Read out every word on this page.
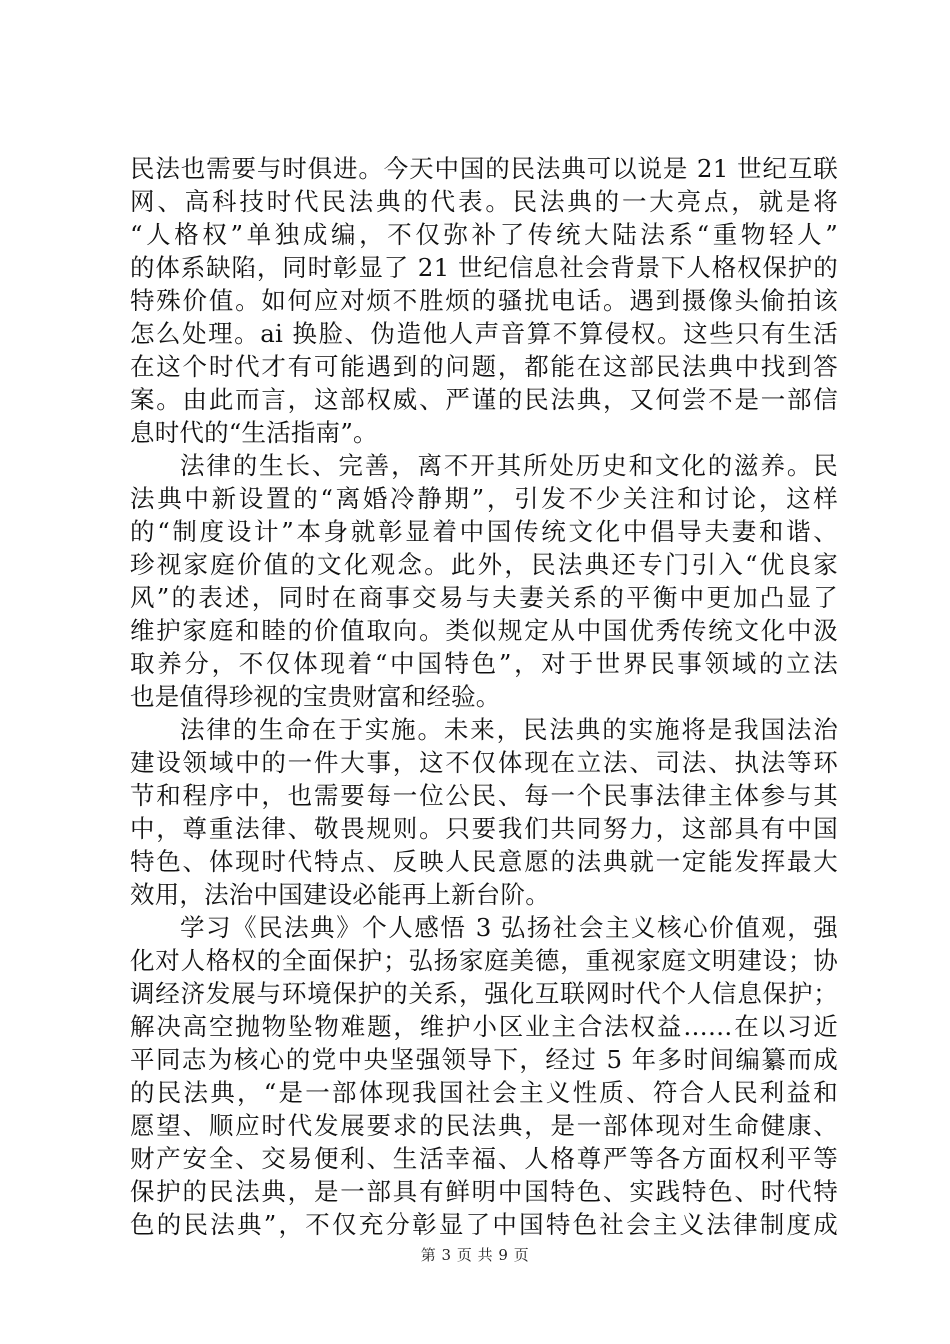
民法也需要与时俱进。今天中国的民法典可以说是 21 世纪互联
网、高科技时代民法典的代表。民法典的一大亮点，就是将
“人格权”单独成编，不仅弥补了传统大陆法系“重物轻人”
的体系缺陷，同时彰显了 21 世纪信息社会背景下人格权保护的
特殊价值。如何应对烦不胜烦的骚扰电话。遇到摄像头偷拍该
怎么处理。ai 换脸、伪造他人声音算不算侵权。这些只有生活
在这个时代才有可能遇到的问题，都能在这部民法典中找到答
案。由此而言，这部权威、严谨的民法典，又何尝不是一部信
息时代的“生活指南”。
法律的生长、完善，离不开其所处历史和文化的滋养。民
法典中新设置的“离婚冷静期”，引发不少关注和讨论，这样
的“制度设计”本身就彰显着中国传统文化中倡导夫妻和谐、
珍视家庭价值的文化观念。此外，民法典还专门引入“优良家
风”的表述，同时在商事交易与夫妻关系的平衡中更加凸显了
维护家庭和睦的价值取向。类似规定从中国优秀传统文化中汲
取养分，不仅体现着“中国特色”，对于世界民事领域的立法
也是值得珍视的宝贵财富和经验。
法律的生命在于实施。未来，民法典的实施将是我国法治
建设领域中的一件大事，这不仅体现在立法、司法、执法等环
节和程序中，也需要每一位公民、每一个民事法律主体参与其
中，尊重法律、敬畏规则。只要我们共同努力，这部具有中国
特色、体现时代特点、反映人民意愿的法典就一定能发挥最大
效用，法治中国建设必能再上新台阶。
学习《民法典》个人感悟 3 弘扬社会主义核心价值观，强
化对人格权的全面保护；弘扬家庭美德，重视家庭文明建设；协
调经济发展与环境保护的关系，强化互联网时代个人信息保护；
解决高空抛物坠物难题，维护小区业主合法权益……在以习近
平同志为核心的党中央坚强领导下，经过 5 年多时间编纂而成
的民法典，“是一部体现我国社会主义性质、符合人民利益和
愿望、顺应时代发展要求的民法典，是一部体现对生命健康、
财产安全、交易便利、生活幸福、人格尊严等各方面权利平等
保护的民法典，是一部具有鲜明中国特色、实践特色、时代特
色的民法典”，不仅充分彰显了中国特色社会主义法律制度成
第 3 页 共 9 页
